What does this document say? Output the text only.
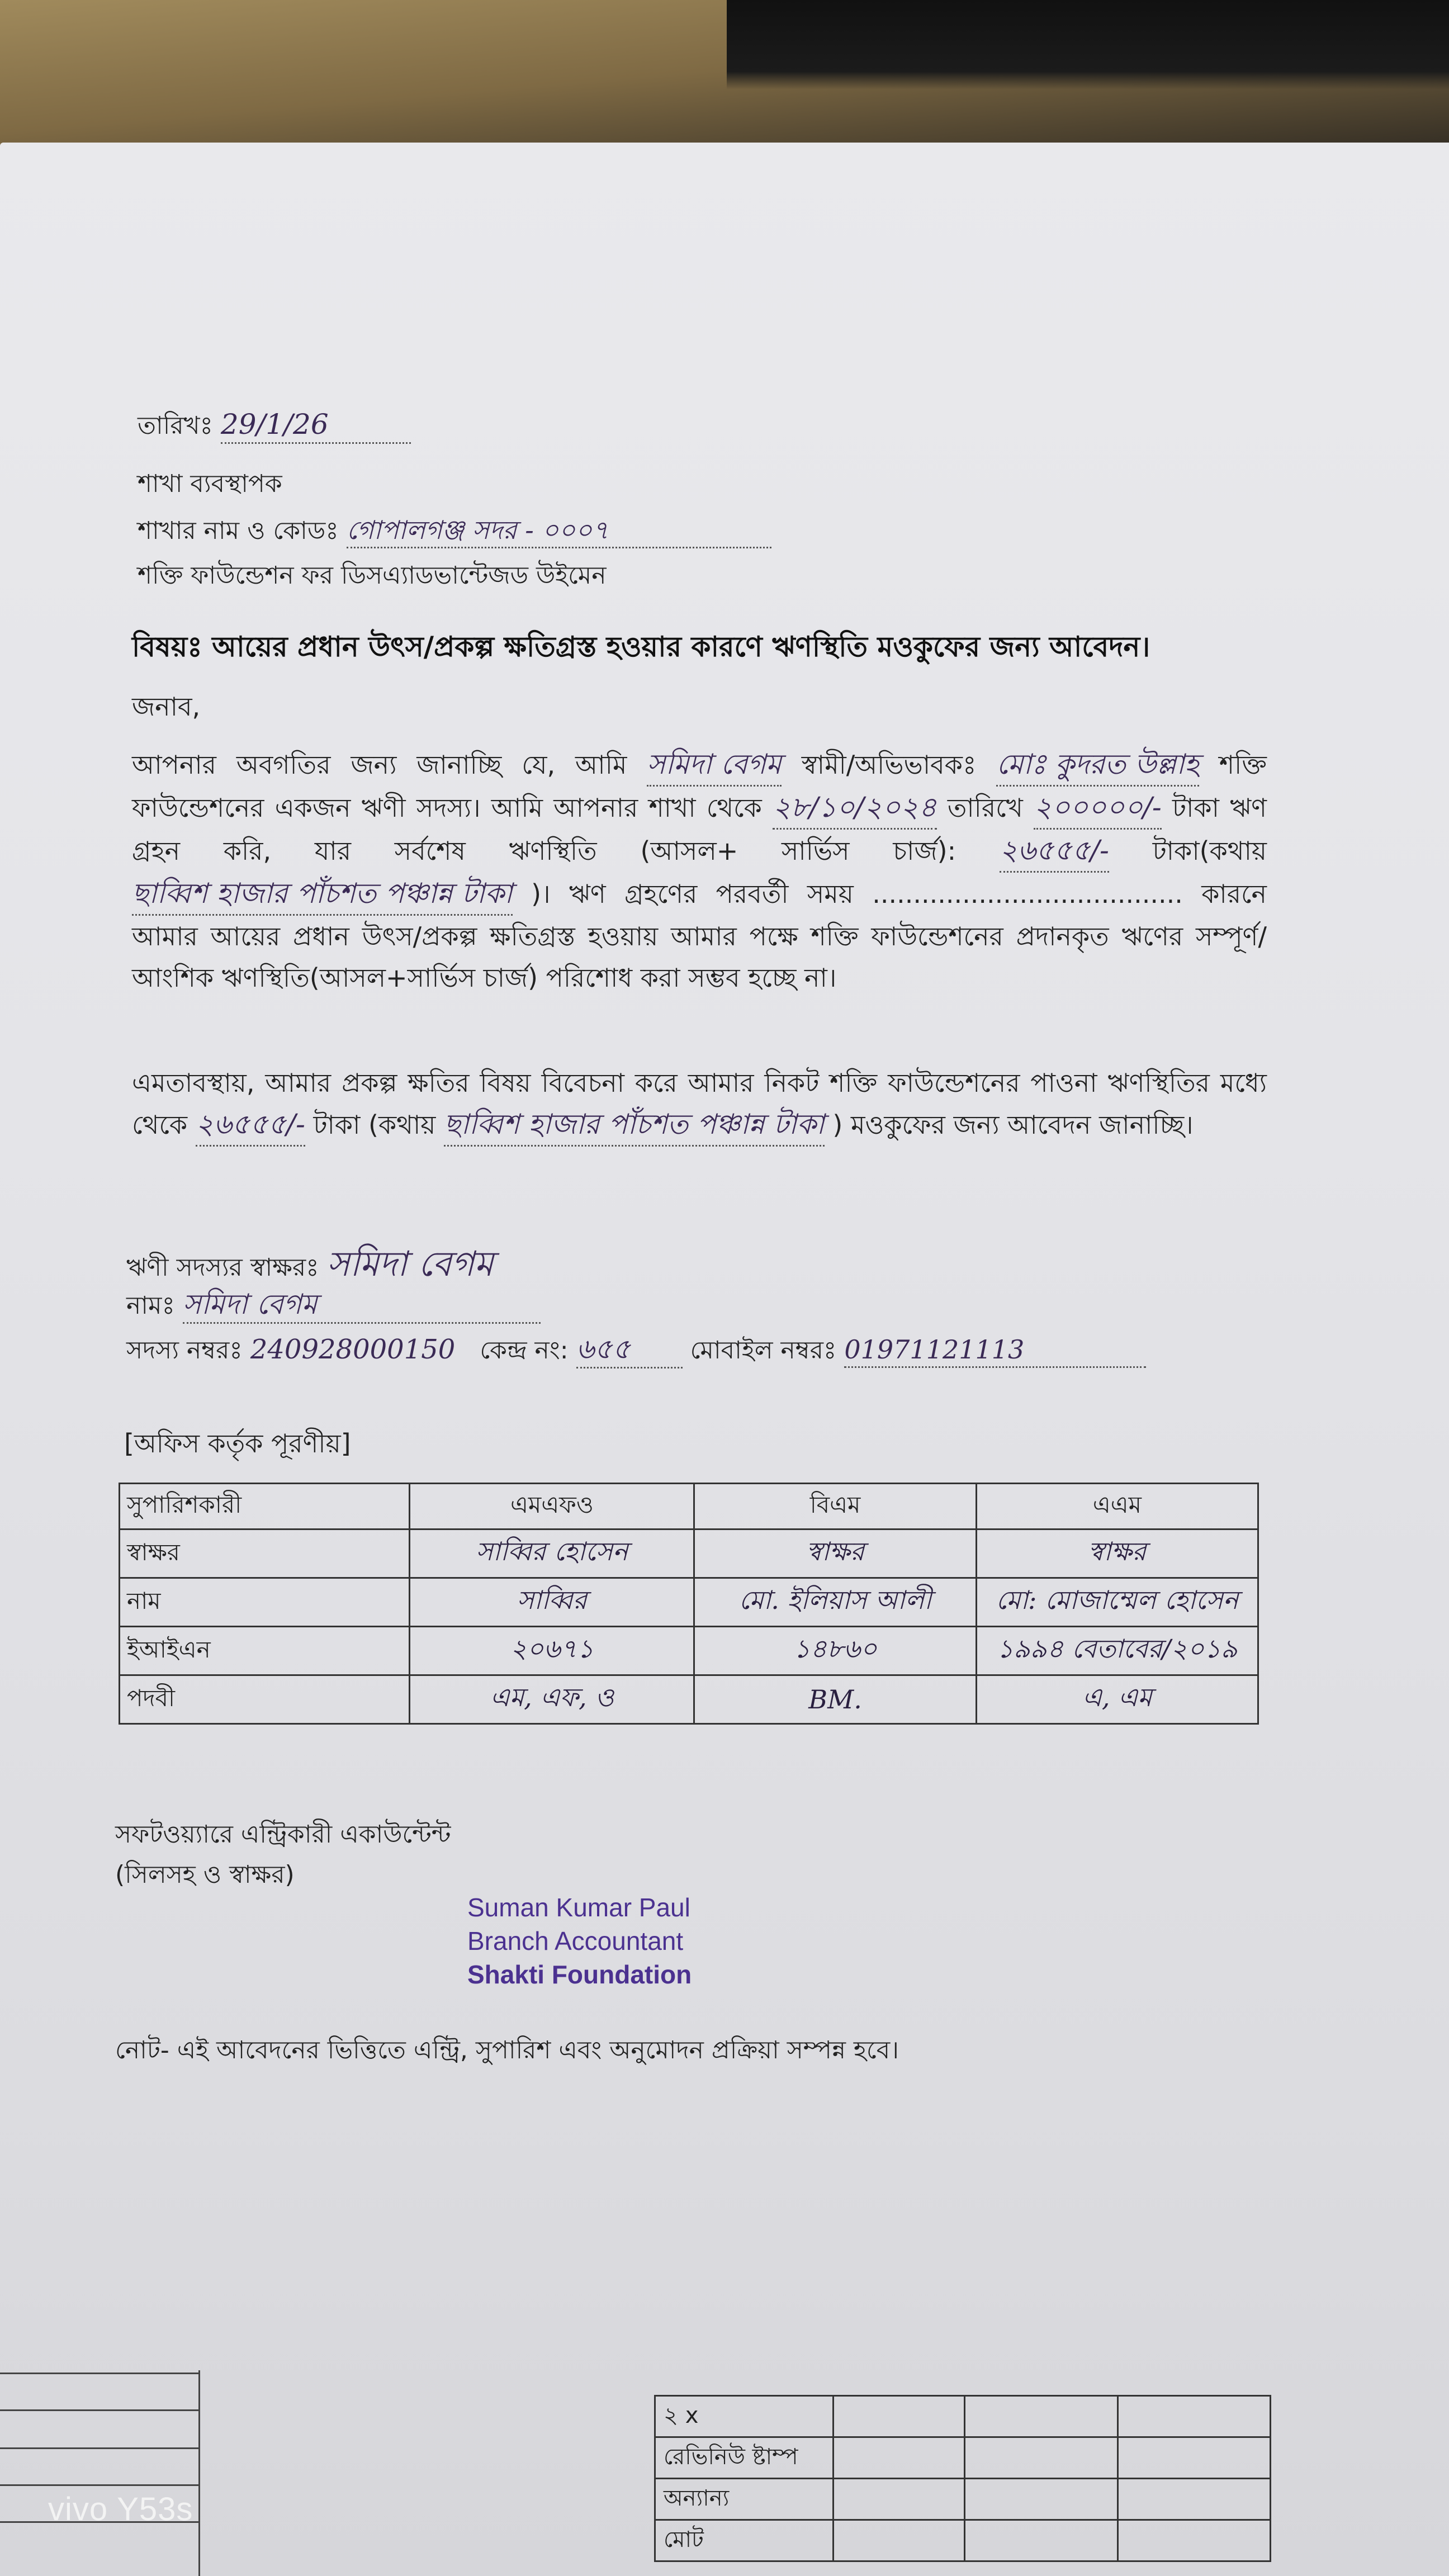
তারিখঃ 29/1/26
শাখা ব্যবস্থাপক
শাখার নাম ও কোডঃ গোপালগঞ্জ সদর - ০০০৭
শক্তি ফাউন্ডেশন ফর ডিসএ্যাডভান্টেজড উইমেন
বিষয়ঃ আয়ের প্রধান উৎস/প্রকল্প ক্ষতিগ্রস্ত হওয়ার কারণে ঋণস্থিতি মওকুফের জন্য আবেদন।
জনাব,
আপনার অবগতির জন্য জানাচ্ছি যে, আমি সমিদা বেগম স্বামী/অভিভাবকঃ মোঃ কুদরত উল্লাহ শক্তি ফাউন্ডেশনের একজন ঋণী সদস্য। আমি আপনার শাখা থেকে ২৮/১০/২০২৪ তারিখে ২০০০০০/- টাকা ঋণ গ্রহন করি, যার সর্বশেষ ঋণস্থিতি (আসল+ সার্ভিস চার্জ): ২৬৫৫৫/- টাকা(কথায় ছাব্বিশ হাজার পাঁচশত পঞ্চান্ন টাকা )। ঋণ গ্রহণের পরবর্তী সময় ...................................... কারনে আমার আয়ের প্রধান উৎস/প্রকল্প ক্ষতিগ্রস্ত হওয়ায় আমার পক্ষে শক্তি ফাউন্ডেশনের প্রদানকৃত ঋণের সম্পূর্ণ/আংশিক ঋণস্থিতি(আসল+সার্ভিস চার্জ) পরিশোধ করা সম্ভব হচ্ছে না।
এমতাবস্থায়, আমার প্রকল্প ক্ষতির বিষয় বিবেচনা করে আমার নিকট শক্তি ফাউন্ডেশনের পাওনা ঋণস্থিতির মধ্যে থেকে ২৬৫৫৫/- টাকা (কথায় ছাব্বিশ হাজার পাঁচশত পঞ্চান্ন টাকা ) মওকুফের জন্য আবেদন জানাচ্ছি।
ঋণী সদস্যর স্বাক্ষরঃ সমিদা বেগম
নামঃ সমিদা বেগম
সদস্য নম্বরঃ 240928000150 কেন্দ্র নং: ৬৫৫ মোবাইল নম্বরঃ 01971121113
[অফিস কর্তৃক পূরণীয়]
সুপারিশকারী	এমএফও	বিএম	এএম
স্বাক্ষর	সাব্বির হোসেন	স্বাক্ষর	স্বাক্ষর
নাম	সাব্বির	মো. ইলিয়াস আলী	মো: মোজাম্মেল হোসেন
ইআইএন	২০৬৭১	১৪৮৬০	১৯৯৪ বেতাবের/২০১৯
পদবী	এম, এফ, ও	BM.	এ, এম
সফটওয়্যারে এন্ট্রিকারী একাউন্টেন্ট
(সিলসহ ও স্বাক্ষর)
Suman Kumar Paul
Branch Accountant
Shakti Foundation
নোট- এই আবেদনের ভিত্তিতে এন্ট্রি, সুপারিশ এবং অনুমোদন প্রক্রিয়া সম্পন্ন হবে।
২ x			
রেভিনিউ ষ্টাম্প			
অন্যান্য			
মোট			
vivo Y53s
